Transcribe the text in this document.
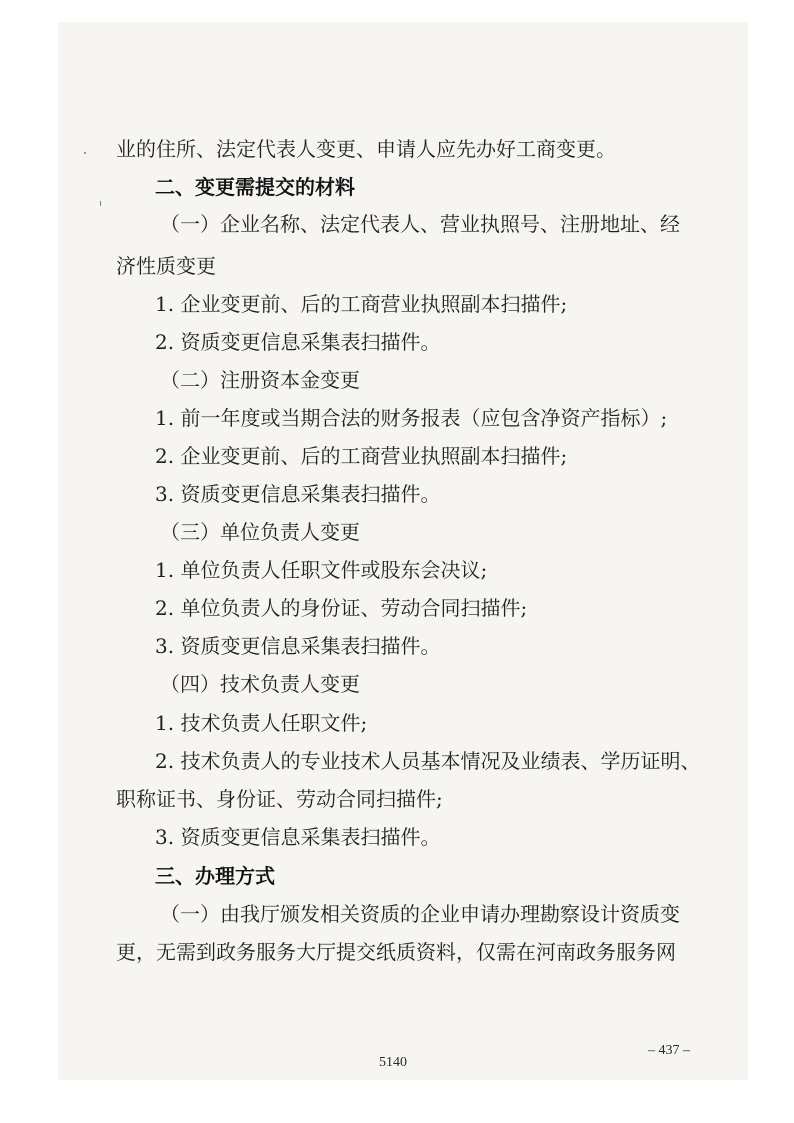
业的住所、法定代表人变更、申请人应先办好工商变更。
二、变更需提交的材料
（一）企业名称、法定代表人、营业执照号、注册地址、经
济性质变更
1. 企业变更前、后的工商营业执照副本扫描件;
2. 资质变更信息采集表扫描件。
（二）注册资本金变更
1. 前一年度或当期合法的财务报表（应包含净资产指标）;
2. 企业变更前、后的工商营业执照副本扫描件;
3. 资质变更信息采集表扫描件。
（三）单位负责人变更
1. 单位负责人任职文件或股东会决议;
2. 单位负责人的身份证、劳动合同扫描件;
3. 资质变更信息采集表扫描件。
（四）技术负责人变更
1. 技术负责人任职文件;
2. 技术负责人的专业技术人员基本情况及业绩表、学历证明、
职称证书、身份证、劳动合同扫描件;
3. 资质变更信息采集表扫描件。
三、办理方式
（一）由我厅颁发相关资质的企业申请办理勘察设计资质变
更，无需到政务服务大厅提交纸质资料，仅需在河南政务服务网
– 437 –
5140
